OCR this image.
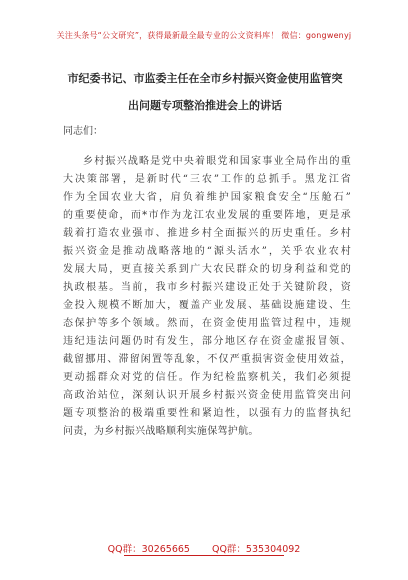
关注头条号“公文研究”，获得最新最全最专业的公文资料库！ 微信：gongwenyj
市纪委书记、市监委主任在全市乡村振兴资金使用监管突
出问题专项整治推进会上的讲话
同志们：
乡村振兴战略是党中央着眼党和国家事业全局作出的重
大决策部署，是新时代“三农”工作的总抓手。黑龙江省
作为全国农业大省，肩负着维护国家粮食安全“压舱石”
的重要使命，而*市作为龙江农业发展的重要阵地，更是承
载着打造农业强市、推进乡村全面振兴的历史重任。乡村
振兴资金是推动战略落地的“源头活水”，关乎农业农村
发展大局，更直接关系到广大农民群众的切身利益和党的
执政根基。当前，我市乡村振兴建设正处于关键阶段，资
金投入规模不断加大，覆盖产业发展、基础设施建设、生
态保护等多个领域。然而，在资金使用监管过程中，违规
违纪违法问题仍时有发生，部分地区存在资金虚报冒领、
截留挪用、滞留闲置等乱象，不仅严重损害资金使用效益，
更动摇群众对党的信任。作为纪检监察机关，我们必须提
高政治站位，深刻认识开展乡村振兴资金使用监管突出问
题专项整治的极端重要性和紧迫性，以强有力的监督执纪
问责，为乡村振兴战略顺利实施保驾护航。
QQ群：30265665 QQ群：535304092
